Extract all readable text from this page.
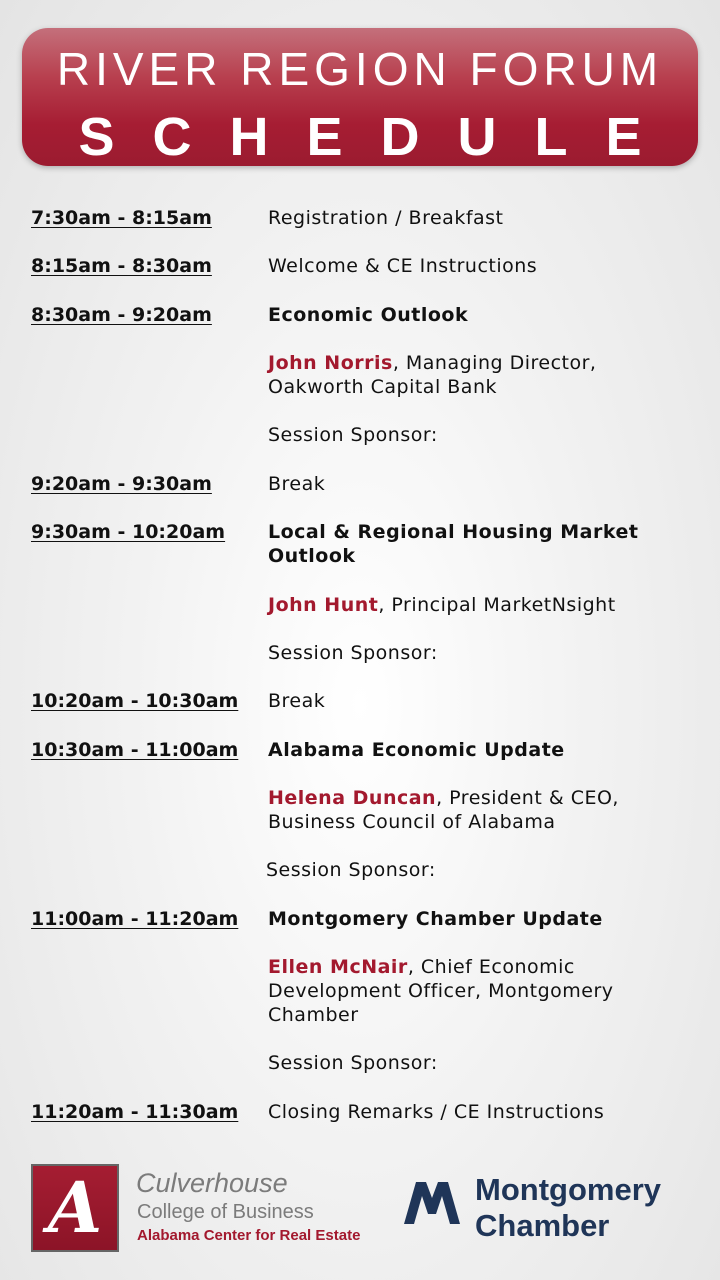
RIVER REGION FORUM
SCHEDULE
7:30am - 8:15am	Registration / Breakfast
8:15am - 8:30am	Welcome & CE Instructions
8:30am - 9:20am	Economic Outlook
John Norris, Managing Director, Oakworth Capital Bank
Session Sponsor:
9:20am - 9:30am	Break
9:30am - 10:20am Local & Regional Housing Market Outlook
John Hunt, Principal MarketNsight
Session Sponsor:
10:20am - 10:30am Break
10:30am - 11:00am Alabama Economic Update
Helena Duncan, President & CEO, Business Council of Alabama
Session Sponsor:
11:00am - 11:20am Montgomery Chamber Update
Ellen McNair, Chief Economic Development Officer, Montgomery Chamber
Session Sponsor:
11:20am - 11:30am Closing Remarks / CE Instructions
A	Culverhouse
College of Business
Alabama Center for Real Estate
Montgomery
Chamber
